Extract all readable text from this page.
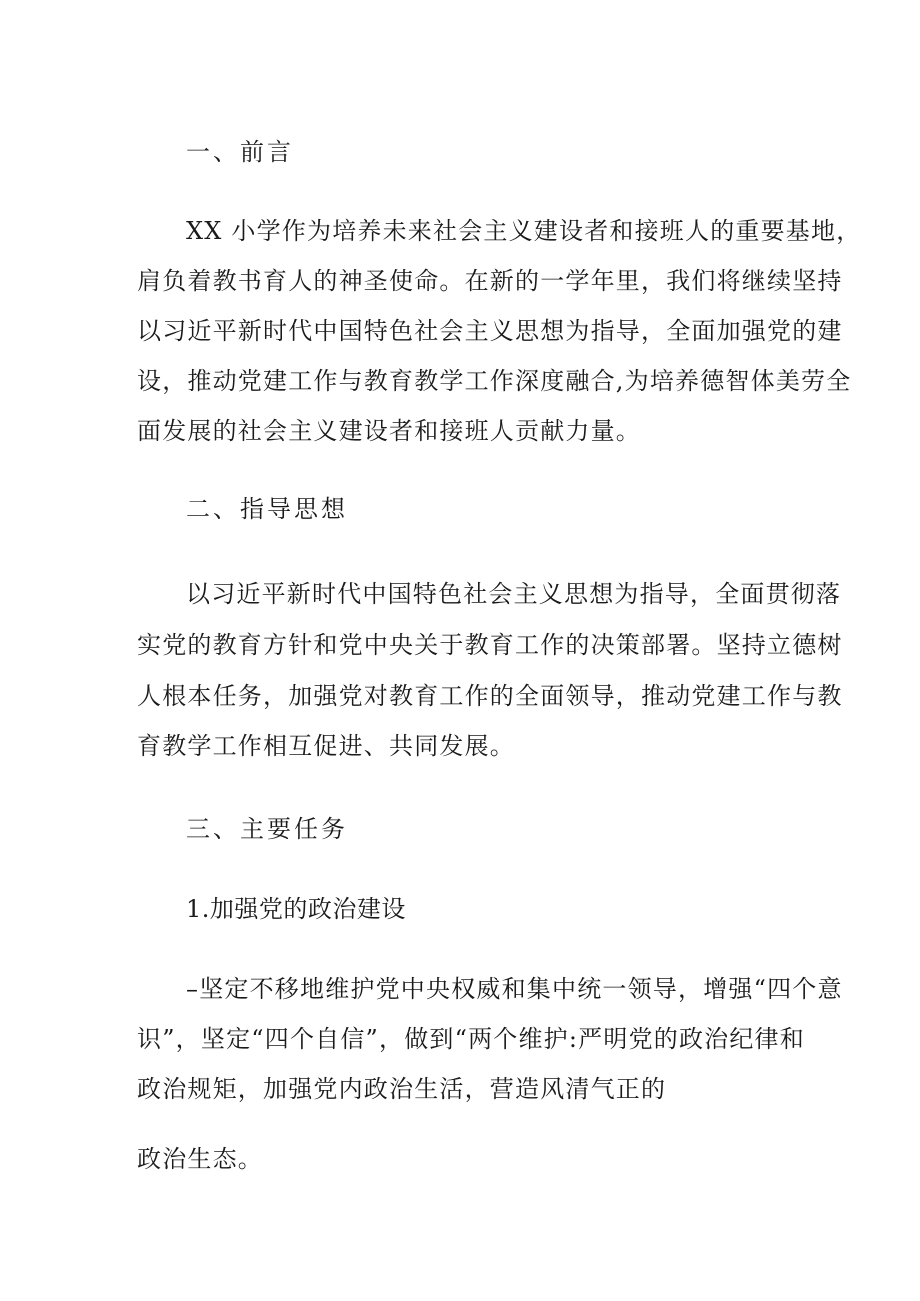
一、前言
XX 小学作为培养未来社会主义建设者和接班人的重要基地，
肩负着教书育人的神圣使命。在新的一学年里，我们将继续坚持
以习近平新时代中国特色社会主义思想为指导，全面加强党的建
设，推动党建工作与教育教学工作深度融合,为培养德智体美劳全
面发展的社会主义建设者和接班人贡献力量。
二、指导思想
以习近平新时代中国特色社会主义思想为指导，全面贯彻落
实党的教育方针和党中央关于教育工作的决策部署。坚持立德树
人根本任务，加强党对教育工作的全面领导，推动党建工作与教
育教学工作相互促进、共同发展。
三、主要任务
1.加强党的政治建设
–坚定不移地维护党中央权威和集中统一领导，增强“四个意
识”，坚定“四个自信”，做到“两个维护:严明党的政治纪律和
政治规矩，加强党内政治生活，营造风清气正的
政治生态。
